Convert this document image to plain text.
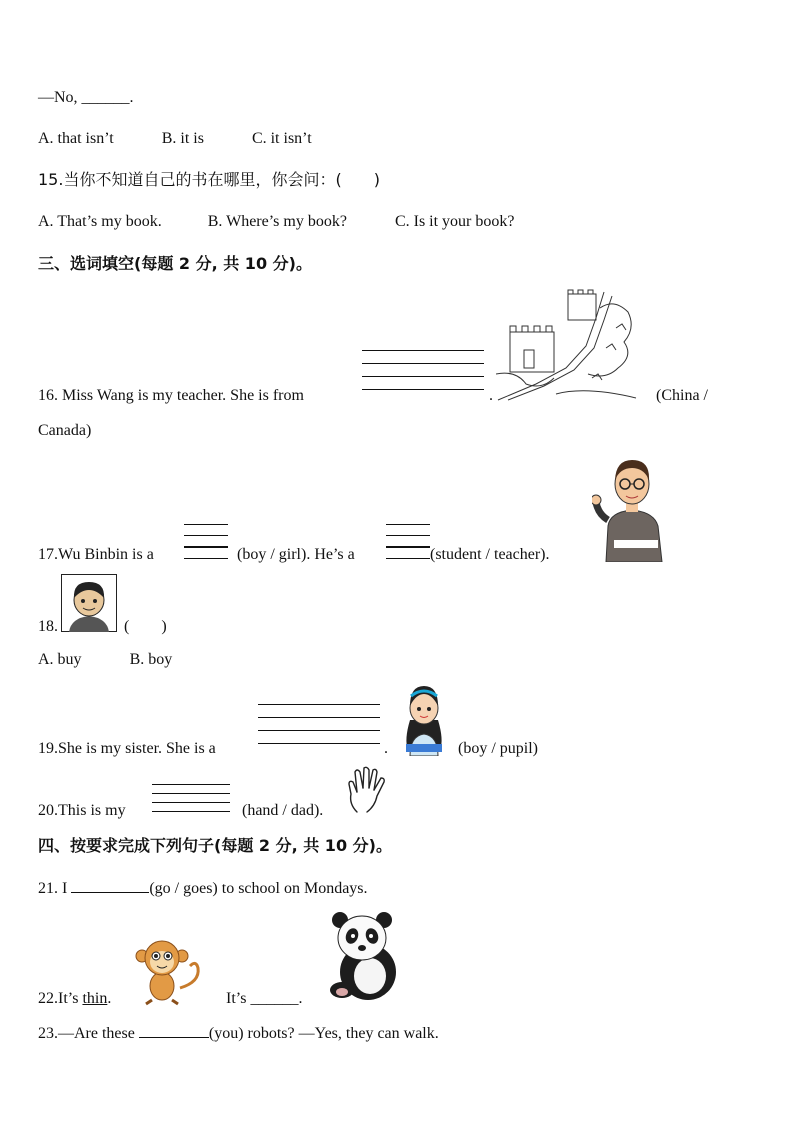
—No, ______.
A. that isn’t	B. it is	C. it isn’t
15.当你不知道自己的书在哪里，你会问：(　　)
A. That’s my book.	B. Where’s my book?	C. Is it your book?
三、选词填空(每题 2 分, 共 10 分)。
16. Miss Wang is my teacher. She is from	.	(China /
Canada)
17.Wu Binbin is a	(boy / girl). He’s a	(student / teacher).
18.	(　　)
A. buy	B. boy
19.She is my sister. She is a	.	(boy / pupil)
20.This is my	(hand / dad).
四、按要求完成下列句子(每题 2 分, 共 10 分)。
21. I	(go / goes) to school on Mondays.
22.It’s thin.	It’s ______.
23.—Are these	(you) robots? —Yes, they can walk.
